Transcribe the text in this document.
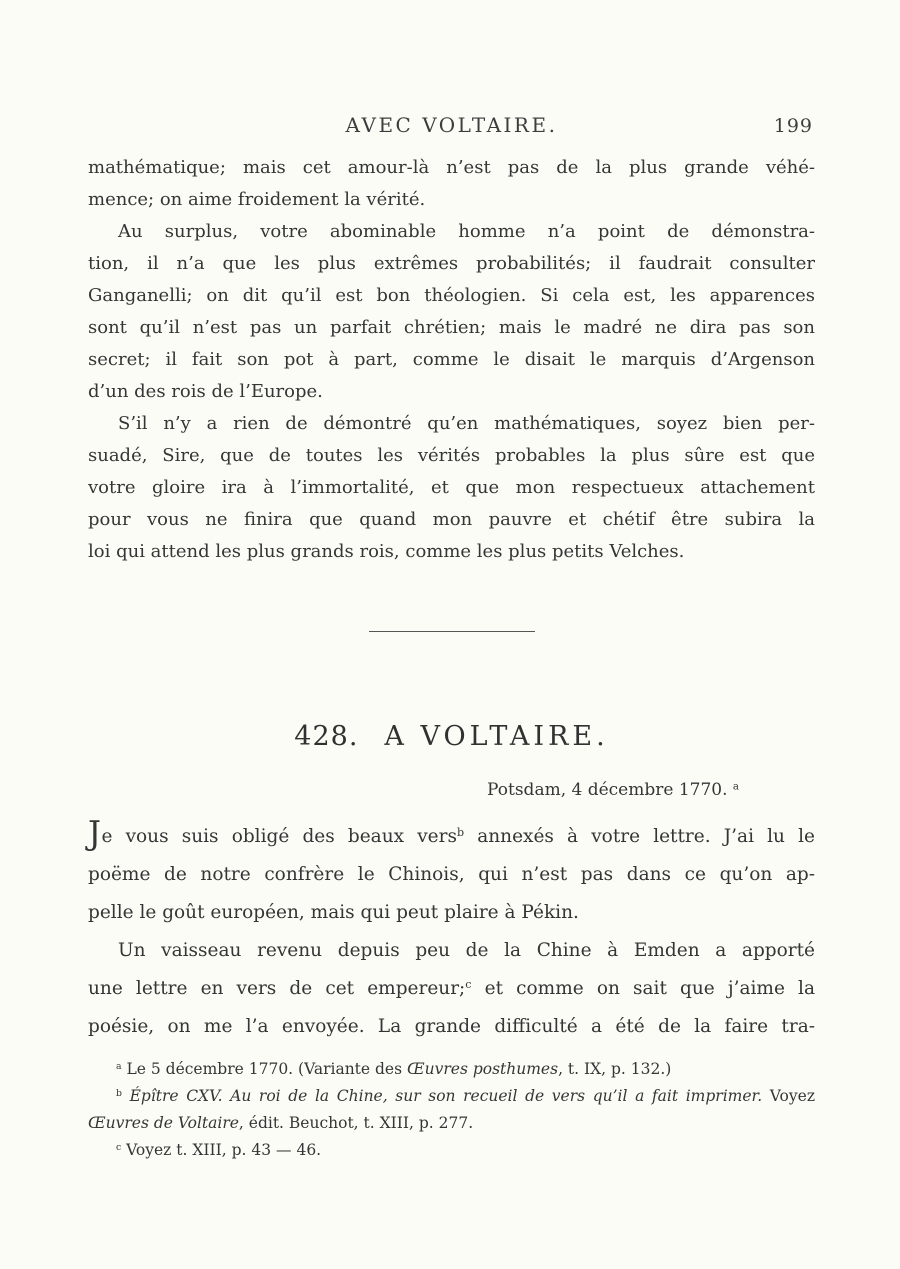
AVEC VOLTAIRE.	199

mathématique; mais cet amour-là n’est pas de la plus grande véhé-
mence; on aime froidement la vérité.

Au surplus, votre abominable homme n’a point de démonstra-
tion, il n’a que les plus extrêmes probabilités; il faudrait consulter
Ganganelli; on dit qu’il est bon théologien. Si cela est, les apparences
sont qu’il n’est pas un parfait chrétien; mais le madré ne dira pas son
secret; il fait son pot à part, comme le disait le marquis d’Argenson
d’un des rois de l’Europe.

S’il n’y a rien de démontré qu’en mathématiques, soyez bien per-
suadé, Sire, que de toutes les vérités probables la plus sûre est que
votre gloire ira à l’immortalité, et que mon respectueux attachement
pour vous ne finira que quand mon pauvre et chétif être subira la
loi qui attend les plus grands rois, comme les plus petits Velches.

428. A VOLTAIRE.
Potsdam, 4 décembre 1770. $^a$

Je vous suis obligé des beaux vers$^b$ annexés à votre lettre. J’ai lu le
poëme de notre confrère le Chinois, qui n’est pas dans ce qu’on ap-
pelle le goût européen, mais qui peut plaire à Pékin.

Un vaisseau revenu depuis peu de la Chine à Emden a apporté
une lettre en vers de cet empereur;$^c$ et comme on sait que j’aime la
poésie, on me l’a envoyée. La grande difficulté a été de la faire tra-

$^a$ Le 5 décembre 1770. (Variante des Œuvres posthumes, t. IX, p. 132.)
$^b$ Épître CXV. Au roi de la Chine, sur son recueil de vers qu’il a fait imprimer. Voyez
Œuvres de Voltaire, édit. Beuchot, t. XIII, p. 277.
$^c$ Voyez t. XIII, p. 43 — 46.
